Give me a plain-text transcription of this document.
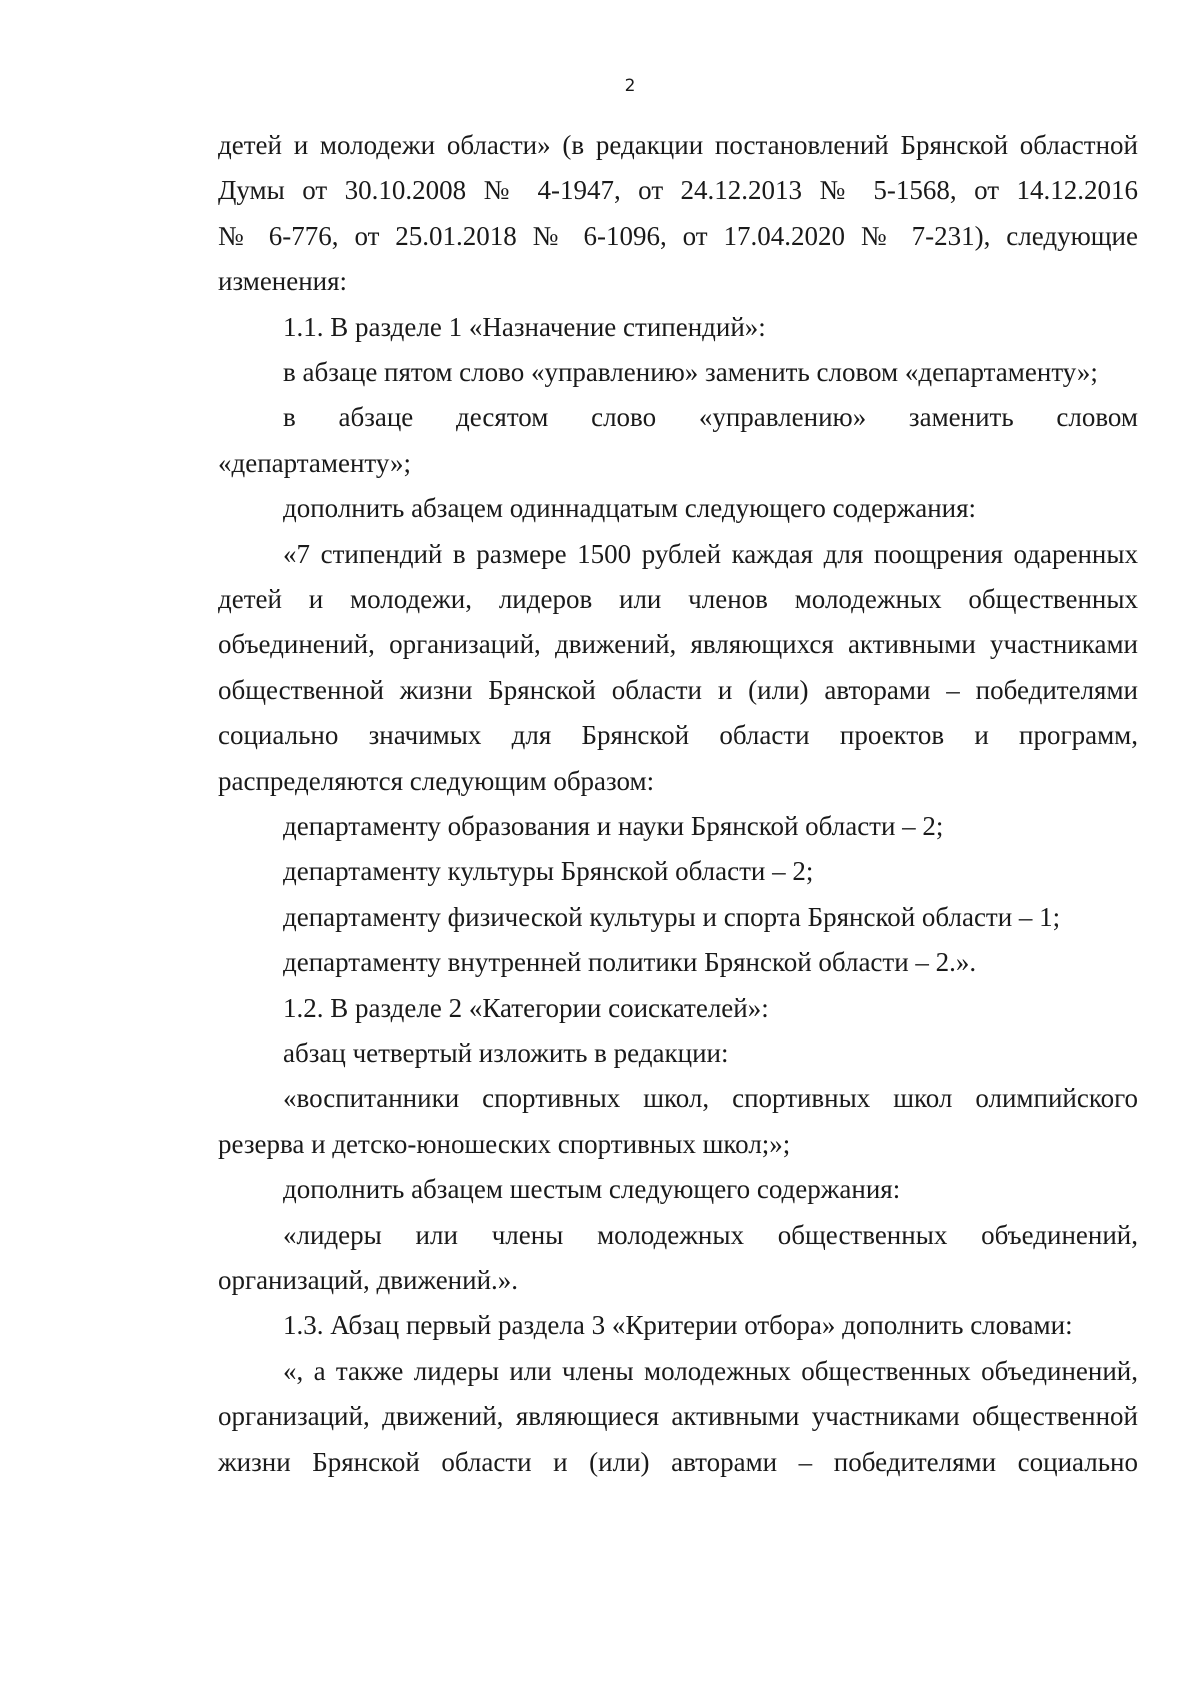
2
детей и молодежи области» (в редакции постановлений Брянской областной
Думы от 30.10.2008 № 4-1947, от 24.12.2013 № 5-1568, от 14.12.2016
№ 6-776, от 25.01.2018 № 6-1096, от 17.04.2020 № 7-231), следующие
изменения:
1.1. В разделе 1 «Назначение стипендий»:
в абзаце пятом слово «управлению» заменить словом «департаменту»;
в абзаце десятом слово «управлению» заменить словом
«департаменту»;
дополнить абзацем одиннадцатым следующего содержания:
«7 стипендий в размере 1500 рублей каждая для поощрения одаренных
детей и молодежи, лидеров или членов молодежных общественных
объединений, организаций, движений, являющихся активными участниками
общественной жизни Брянской области и (или) авторами – победителями
социально значимых для Брянской области проектов и программ,
распределяются следующим образом:
департаменту образования и науки Брянской области – 2;
департаменту культуры Брянской области – 2;
департаменту физической культуры и спорта Брянской области – 1;
департаменту внутренней политики Брянской области – 2.».
1.2. В разделе 2 «Категории соискателей»:
абзац четвертый изложить в редакции:
«воспитанники спортивных школ, спортивных школ олимпийского
резерва и детско-юношеских спортивных школ;»;
дополнить абзацем шестым следующего содержания:
«лидеры или члены молодежных общественных объединений,
организаций, движений.».
1.3. Абзац первый раздела 3 «Критерии отбора» дополнить словами:
«, а также лидеры или члены молодежных общественных объединений,
организаций, движений, являющиеся активными участниками общественной
жизни Брянской области и (или) авторами – победителями социально
